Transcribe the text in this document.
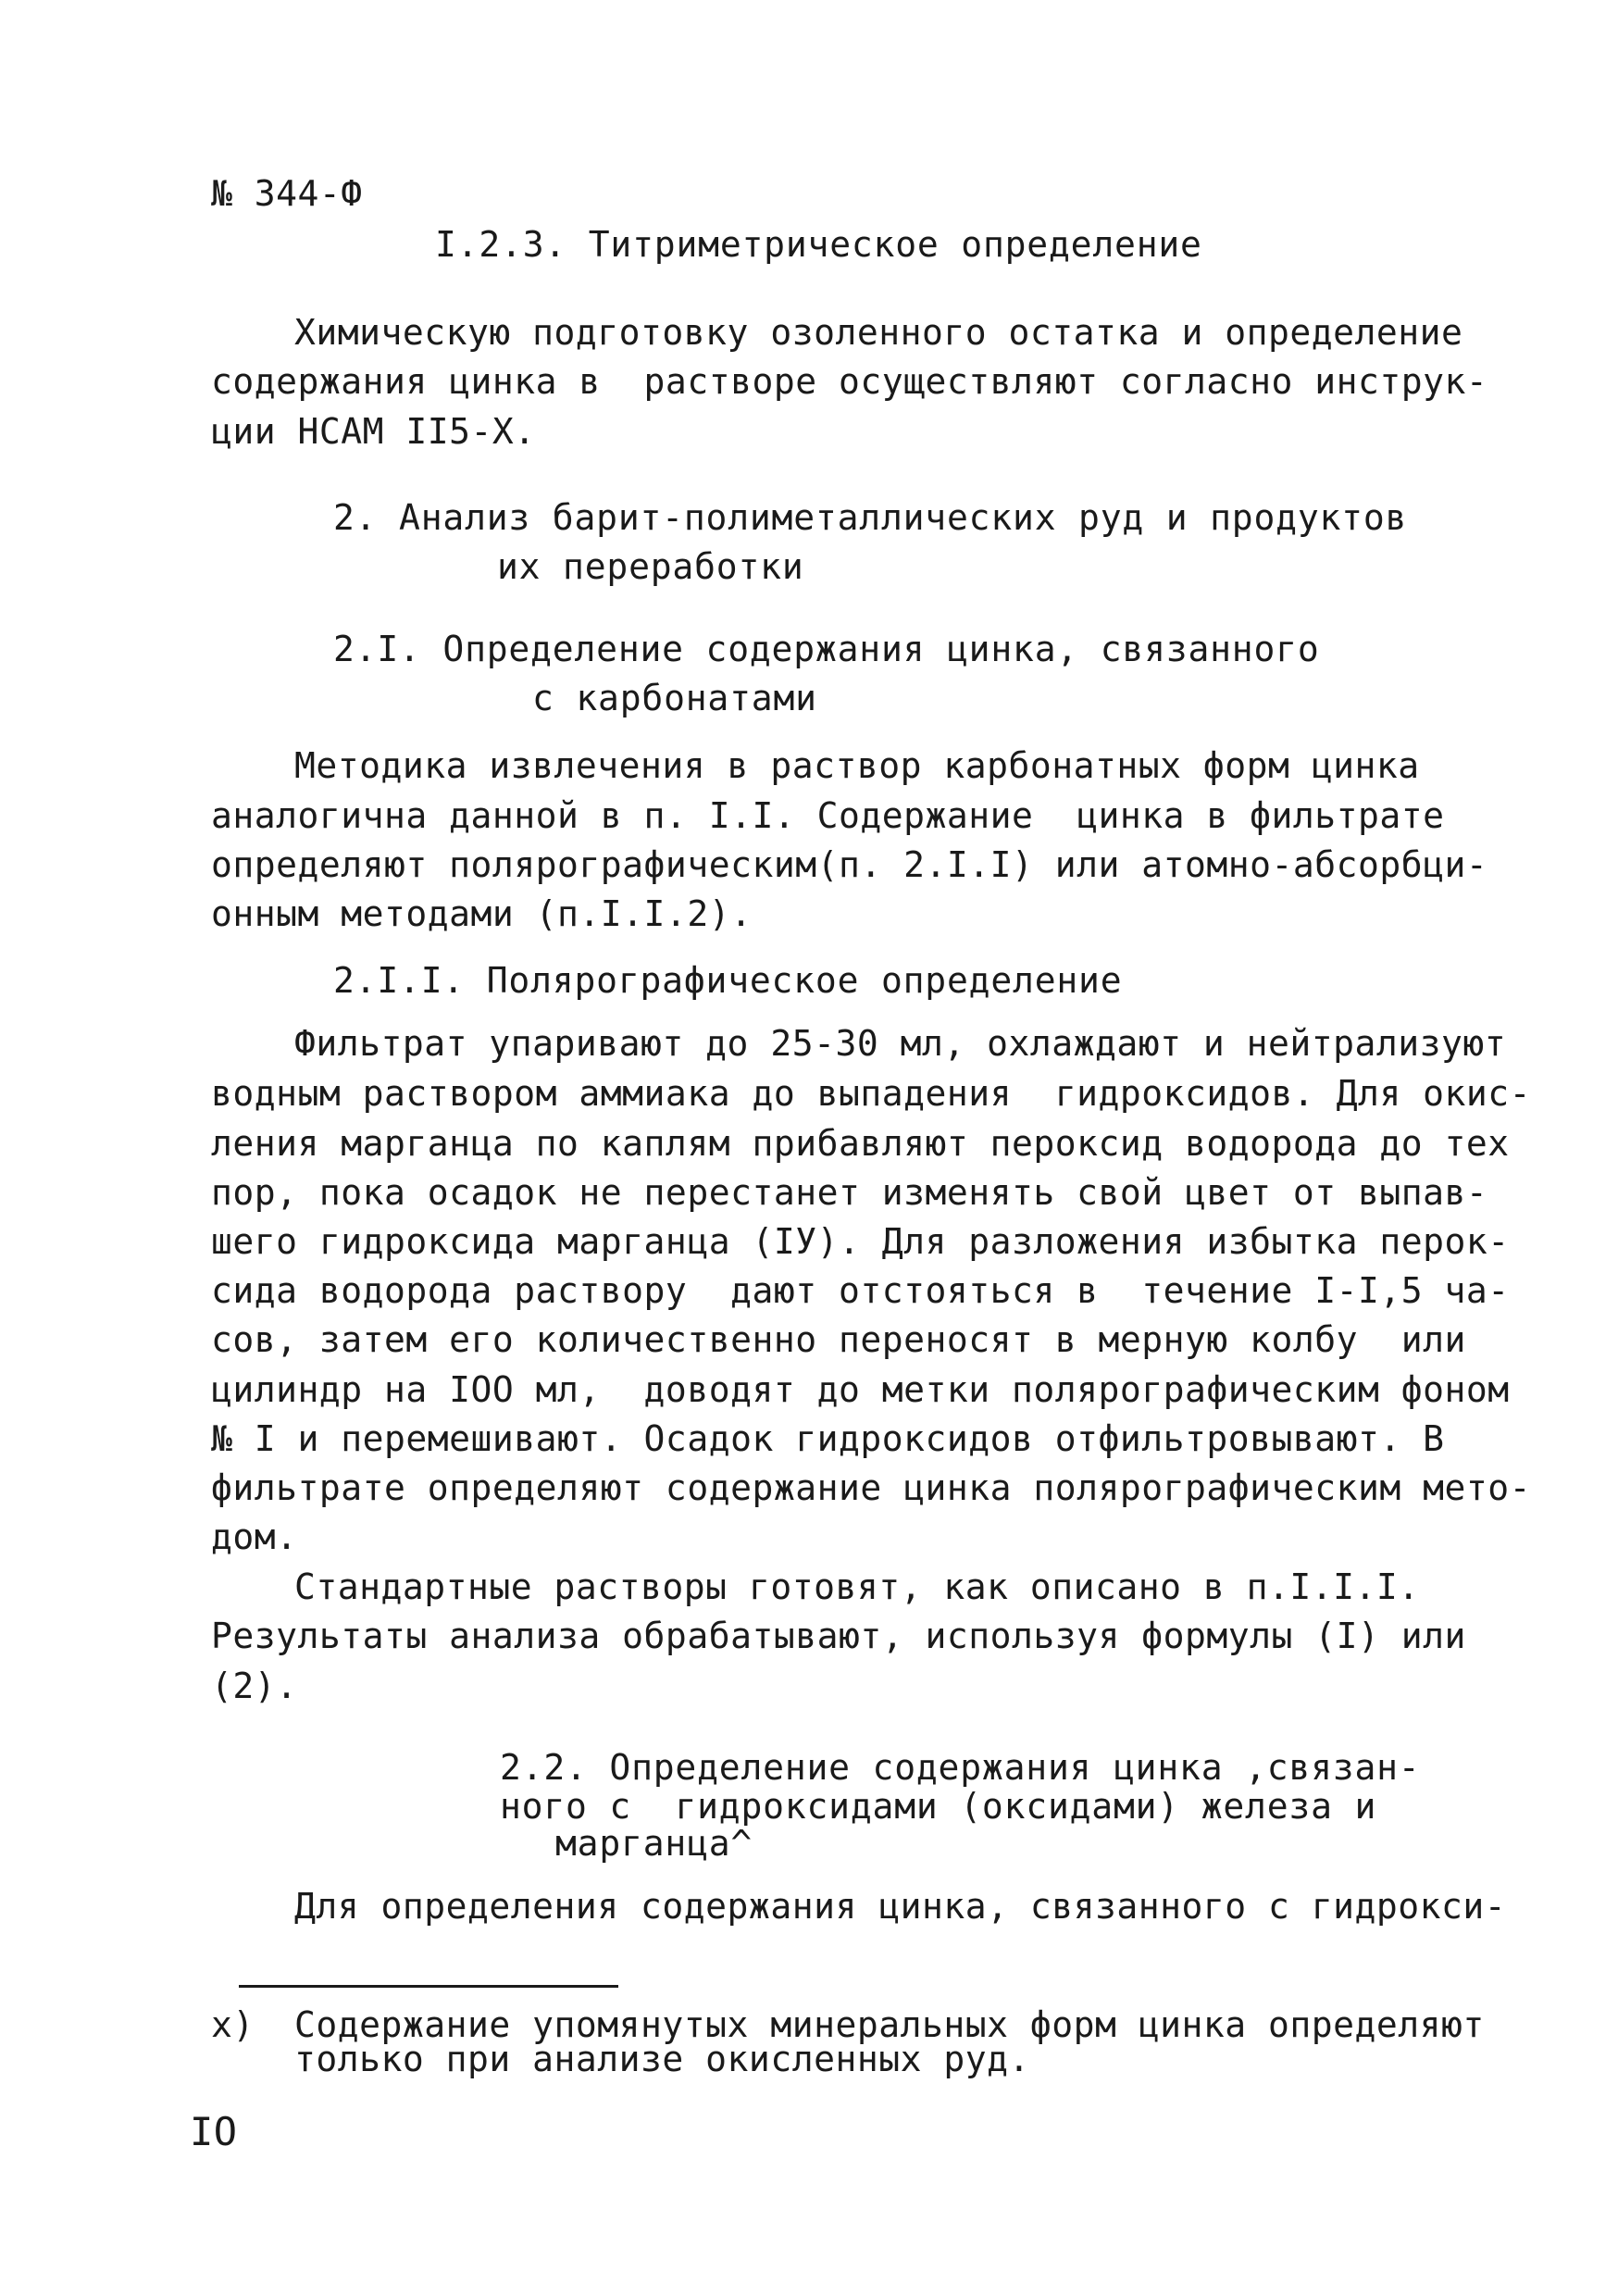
№ 344-Ф
I.2.3. Титриметрическое определение
Химическую подготовку озоленного остатка и определение
содержания цинка в  растворе осуществляют согласно инструк-
ции НСАМ II5-Х.
2. Анализ барит-полиметаллических руд и продуктов
их переработки
2.I. Определение содержания цинка, связанного
с карбонатами
Методика извлечения в раствор карбонатных форм цинка
аналогична данной в п. I.I. Содержание  цинка в фильтрате
определяют полярографическим(п. 2.I.I) или атомно-абсорбци-
онным методами (п.I.I.2).
2.I.I. Полярографическое определение
Фильтрат упаривают до 25-30 мл, охлаждают и нейтрализуют
водным раствором аммиака до выпадения  гидроксидов. Для окис-
ления марганца по каплям прибавляют пероксид водорода до тех
пор, пока осадок не перестанет изменять свой цвет от выпав-
шего гидроксида марганца (IУ). Для разложения избытка перок-
сида водорода раствору  дают отстояться в  течение I-I,5 ча-
сов, затем его количественно переносят в мерную колбу  или
цилиндр на IOO мл,  доводят до метки полярографическим фоном
№ I и перемешивают. Осадок гидроксидов отфильтровывают. В
фильтрате определяют содержание цинка полярографическим мето-
дом.
Стандартные растворы готовят, как описано в п.I.I.I.
Результаты анализа обрабатывают, используя формулы (I) или
(2).
2.2. Определение содержания цинка ,связан-
ного с  гидроксидами (оксидами) железа и
марганца^
Для определения содержания цинка, связанного с гидрокси-
х) Содержание упомянутых минеральных форм цинка определяют
только при анализе окисленных руд.
IO
